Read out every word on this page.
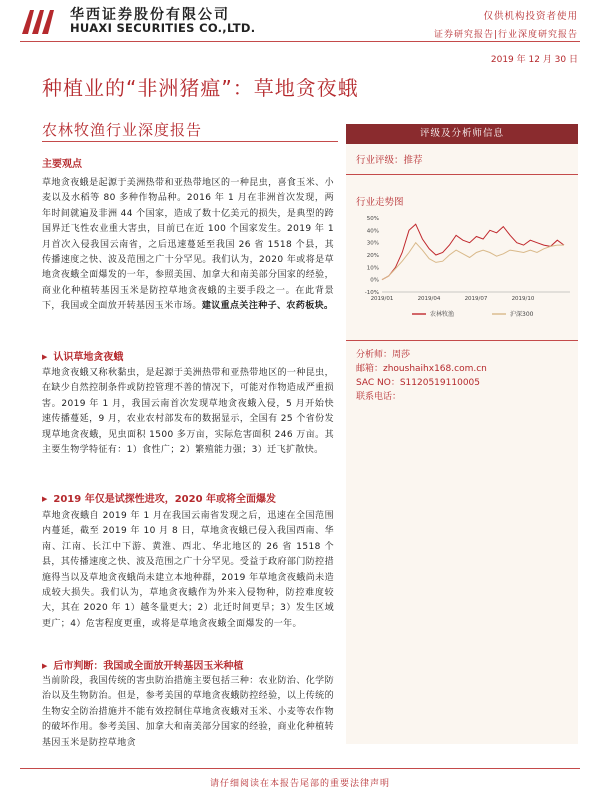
华西证券股份有限公司
HUAXI SECURITIES CO.,LTD.
仅供机构投资者使用
证券研究报告|行业深度研究报告
2019 年 12 月 30 日
种植业的“非洲猪瘟”：草地贪夜蛾
农林牧渔行业深度报告	评级及分析师信息
行业评级：推荐
行业走势图
-10%
0%
10%
20%
30%
40%
50%
2019/01	2019/04	2019/07	2019/10
农林牧渔	沪深300
分析师：周莎
邮箱：zhoushaihx168.com.cn
SAC NO：S1120519110005
联系电话：
主要观点
草地贪夜蛾是起源于美洲热带和亚热带地区的一种昆虫，喜食玉米、小麦以及水稻等 80 多种作物品种。2016 年 1 月在非洲首次发现，两年时间就遍及非洲 44 个国家，造成了数十亿美元的损失，是典型的跨国界迁飞性农业重大害虫，目前已在近 100 个国家发生。2019 年 1 月首次入侵我国云南省，之后迅速蔓延至我国 26 省 1518 个县，其传播速度之快、波及范围之广十分罕见。我们认为，2020 年或将是草地贪夜蛾全面爆发的一年，参照美国、加拿大和南美部分国家的经验，商业化种植转基因玉米是防控草地贪夜蛾的主要手段之一。在此背景下，我国或全面放开转基因玉米市场。建议重点关注种子、农药板块。
▶ 认识草地贪夜蛾
草地贪夜蛾又称秋黏虫，是起源于美洲热带和亚热带地区的一种昆虫，在缺少自然控制条件或防控管理不善的情况下，可能对作物造成严重损害。2019 年 1 月，我国云南首次发现草地贪夜蛾入侵，5 月开始快速传播蔓延，9 月，农业农村部发布的数据显示，全国有 25 个省份发现草地贪夜蛾，见虫面积 1500 多万亩，实际危害面积 246 万亩。其主要生物学特征有：1）食性广；2）繁殖能力强；3）迁飞扩散快。
▶ 2019 年仅是试探性进攻，2020 年或将全面爆发
草地贪夜蛾自 2019 年 1 月在我国云南省发现之后，迅速在全国范围内蔓延，截至 2019 年 10 月 8 日，草地贪夜蛾已侵入我国西南、华南、江南、长江中下游、黄淮、西北、华北地区的 26 省 1518 个县，其传播速度之快、波及范围之广十分罕见。受益于政府部门防控措施得当以及草地贪夜蛾尚未建立本地种群，2019 年草地贪夜蛾尚未造成较大损失。我们认为，草地贪夜蛾作为外来入侵物种，防控难度较大，其在 2020 年 1）越冬量更大；2）北迁时间更早；3）发生区域更广；4）危害程度更重，或将是草地贪夜蛾全面爆发的一年。
▶ 后市判断：我国或全面放开转基因玉米种植
当前阶段，我国传统的害虫防治措施主要包括三种：农业防治、化学防治以及生物防治。但是，参考美国的草地贪夜蛾防控经验，以上传统的生物安全防治措施并不能有效控制住草地贪夜蛾对玉米、小麦等农作物的破坏作用。参考美国、加拿大和南美部分国家的经验，商业化种植转基因玉米是防控草地贪
请仔细阅读在本报告尾部的重要法律声明
